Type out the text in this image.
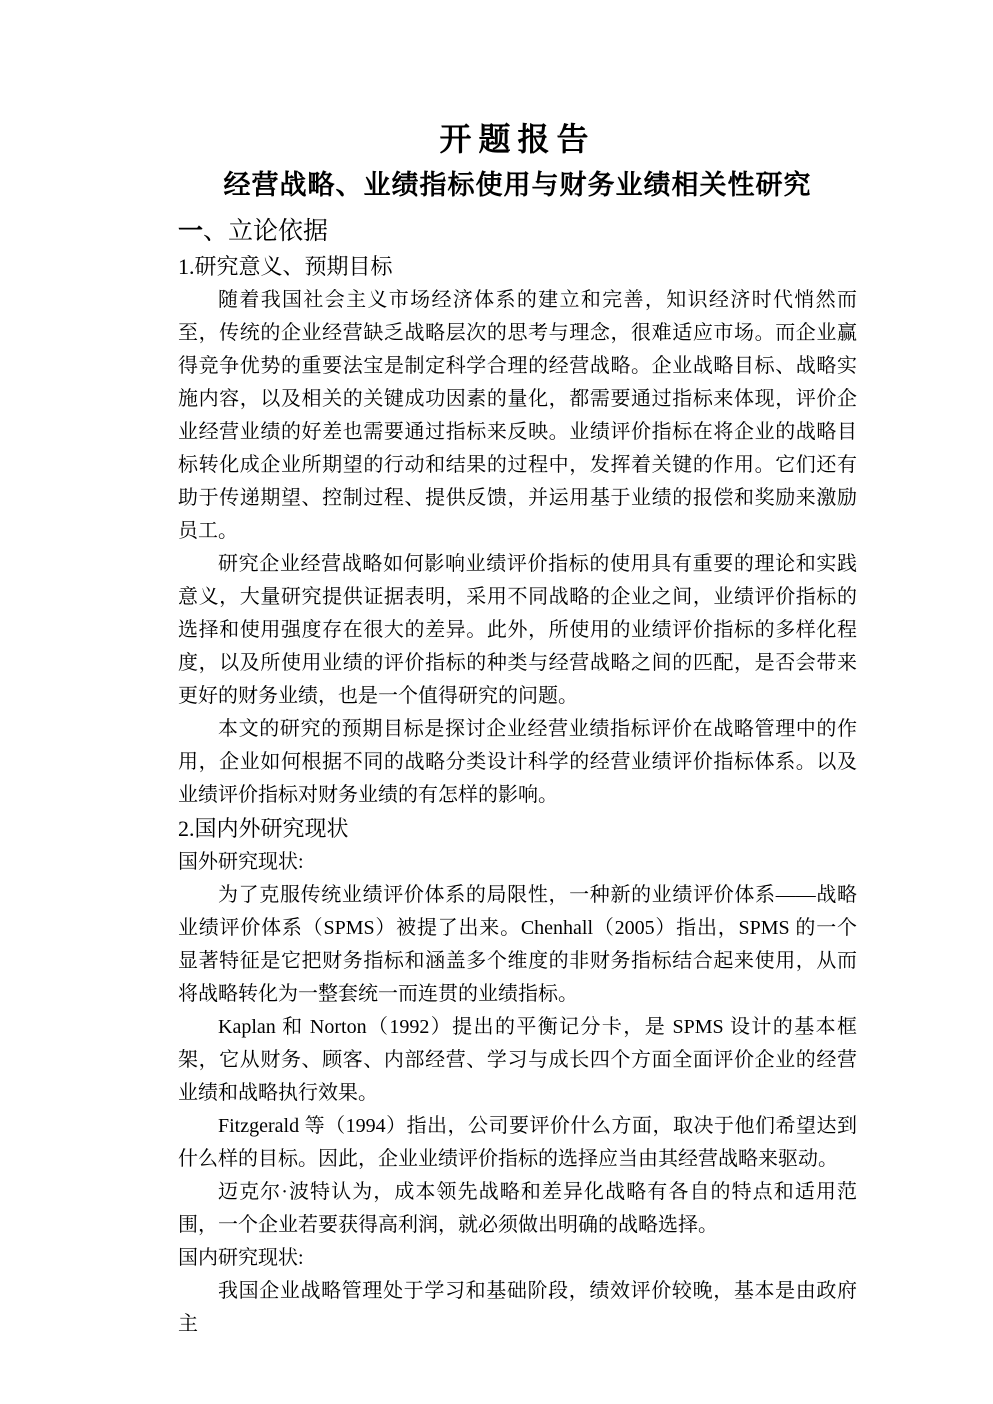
开题报告
经营战略、业绩指标使用与财务业绩相关性研究
一、立论依据
1.研究意义、预期目标

随着我国社会主义市场经济体系的建立和完善，知识经济时代悄然而至，传统的企业经营缺乏战略层次的思考与理念，很难适应市场。而企业赢得竞争优势的重要法宝是制定科学合理的经营战略。企业战略目标、战略实施内容，以及相关的关键成功因素的量化，都需要通过指标来体现，评价企业经营业绩的好差也需要通过指标来反映。业绩评价指标在将企业的战略目标转化成企业所期望的行动和结果的过程中，发挥着关键的作用。它们还有助于传递期望、控制过程、提供反馈，并运用基于业绩的报偿和奖励来激励员工。

研究企业经营战略如何影响业绩评价指标的使用具有重要的理论和实践意义，大量研究提供证据表明，采用不同战略的企业之间，业绩评价指标的选择和使用强度存在很大的差异。此外，所使用的业绩评价指标的多样化程度，以及所使用业绩的评价指标的种类与经营战略之间的匹配，是否会带来更好的财务业绩，也是一个值得研究的问题。

本文的研究的预期目标是探讨企业经营业绩指标评价在战略管理中的作用，企业如何根据不同的战略分类设计科学的经营业绩评价指标体系。以及业绩评价指标对财务业绩的有怎样的影响。

2.国内外研究现状
国外研究现状:

为了克服传统业绩评价体系的局限性，一种新的业绩评价体系——战略业绩评价体系（SPMS）被提了出来。Chenhall（2005）指出，SPMS 的一个显著特征是它把财务指标和涵盖多个维度的非财务指标结合起来使用，从而将战略转化为一整套统一而连贯的业绩指标。

Kaplan 和 Norton（1992）提出的平衡记分卡，是 SPMS 设计的基本框架，它从财务、顾客、内部经营、学习与成长四个方面全面评价企业的经营业绩和战略执行效果。

Fitzgerald 等（1994）指出，公司要评价什么方面，取决于他们希望达到什么样的目标。因此，企业业绩评价指标的选择应当由其经营战略来驱动。

迈克尔·波特认为，成本领先战略和差异化战略有各自的特点和适用范围，一个企业若要获得高利润，就必须做出明确的战略选择。

国内研究现状:

我国企业战略管理处于学习和基础阶段，绩效评价较晚，基本是由政府主
